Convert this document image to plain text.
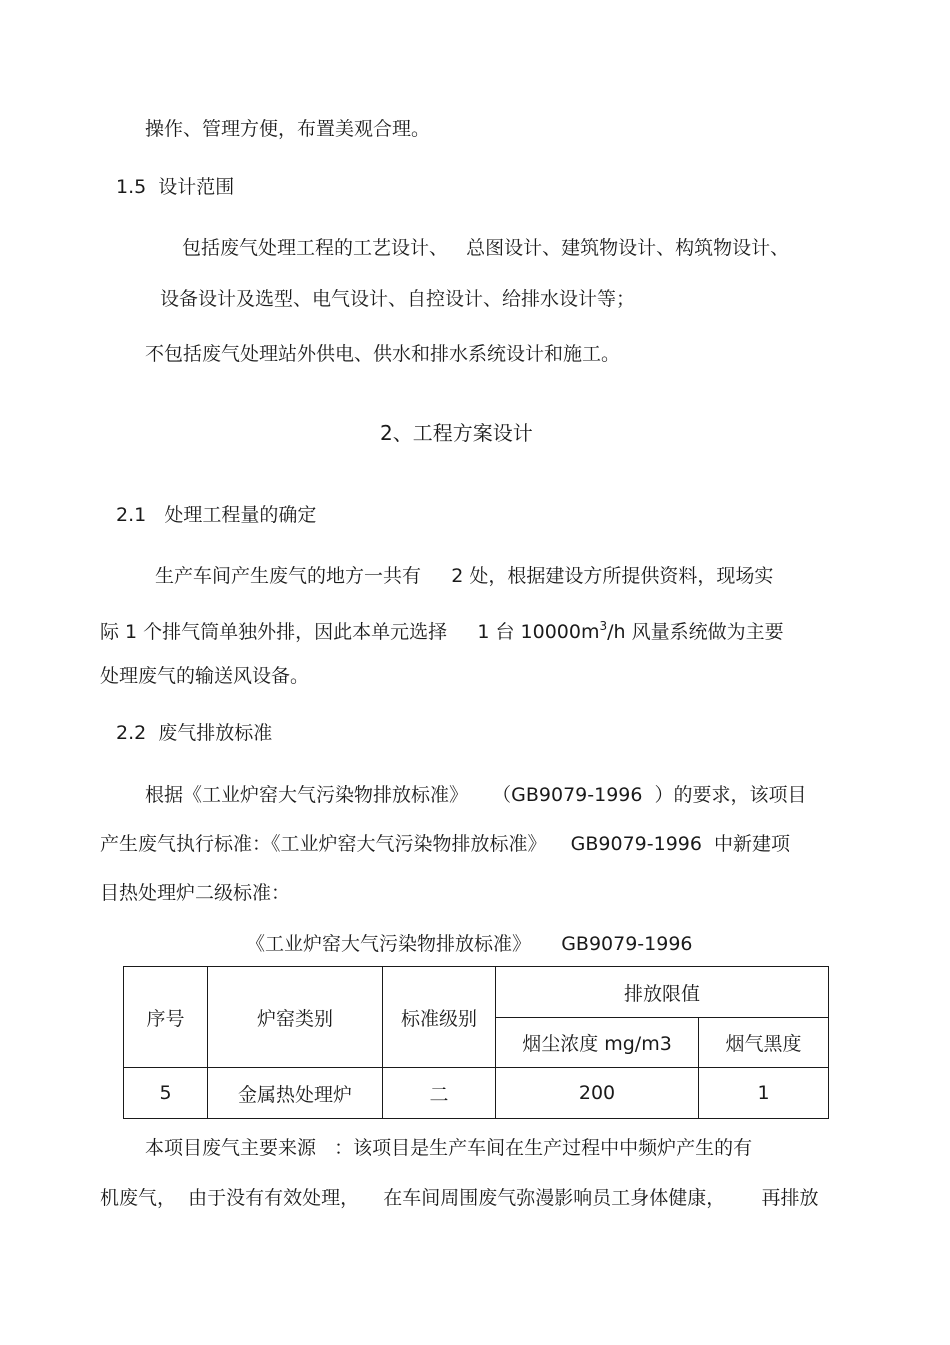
操作、管理方便，布置美观合理。
1.5  设计范围
包括废气处理工程的工艺设计、   总图设计、建筑物设计、构筑物设计、
设备设计及选型、电气设计、自控设计、给排水设计等；
不包括废气处理站外供电、供水和排水系统设计和施工。
2、工程方案设计
2.1   处理工程量的确定
生产车间产生废气的地方一共有     2 处，根据建设方所提供资料，现场实
际 1 个排气筒单独外排，因此本单元选择     1 台 $10000m^3/h$ 风量系统做为主要
处理废气的输送风设备。
2.2  废气排放标准
根据《工业炉窑大气污染物排放标准》    （GB9079-1996  ）的要求，该项目
产生废气执行标准：《工业炉窑大气污染物排放标准》    GB9079-1996  中新建项
目热处理炉二级标准：
《工业炉窑大气污染物排放标准》     GB9079-1996
序号	炉窑类别	标准级别	排放限值	
			烟尘浓度 mg/m3	烟气黑度
5	金属热处理炉	二	200	1
本项目废气主要来源   ：该项目是生产车间在生产过程中中频炉产生的有
机废气，  由于没有有效处理，    在车间周围废气弥漫影响员工身体健康，      再排放
